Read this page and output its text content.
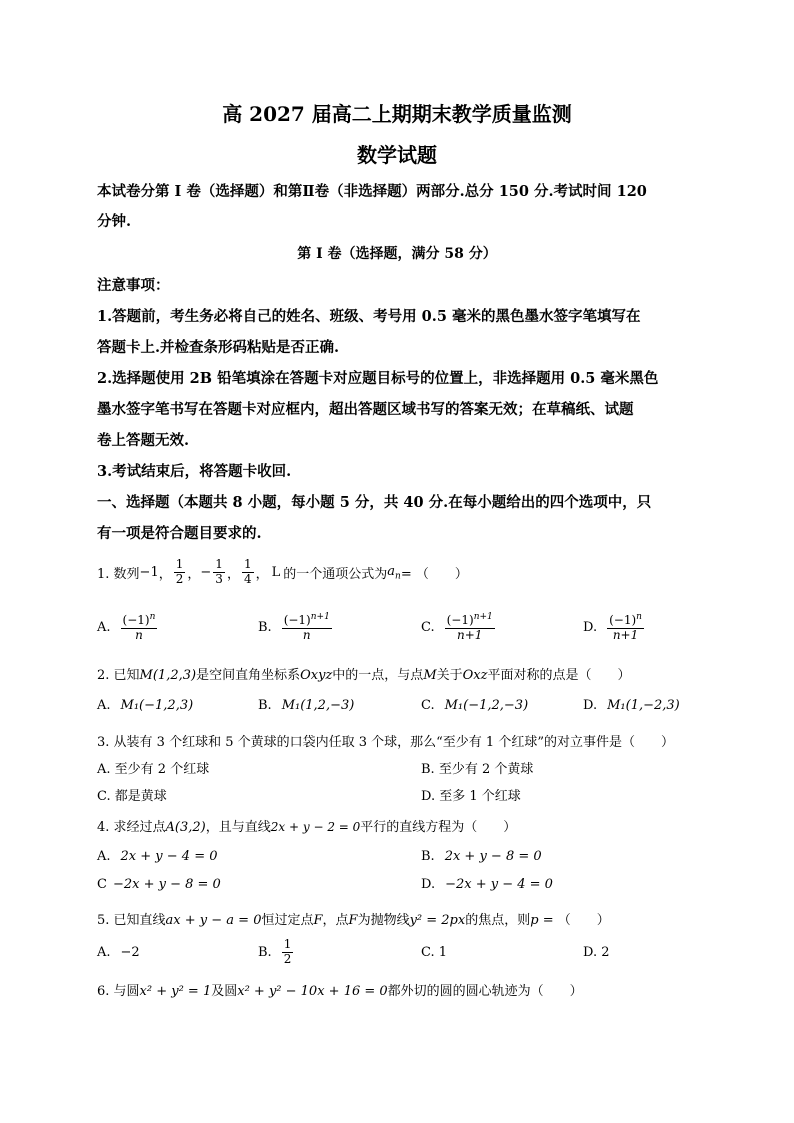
高 2027 届高二上期期末教学质量监测
数学试题
本试卷分第 I 卷（选择题）和第Ⅱ卷（非选择题）两部分.总分 150 分.考试时间 120
分钟.
第 I 卷（选择题，满分 58 分）
注意事项：
1.答题前，考生务必将自己的姓名、班级、考号用 0.5 毫米的黑色墨水签字笔填写在
答题卡上.并检查条形码粘贴是否正确.
2.选择题使用 2B 铅笔填涂在答题卡对应题目标号的位置上，非选择题用 0.5 毫米黑色
墨水签字笔书写在答题卡对应框内，超出答题区域书写的答案无效；在草稿纸、试题
卷上答题无效.
3.考试结束后，将答题卡收回.
一、选择题（本题共 8 小题，每小题 5 分，共 40 分.在每小题给出的四个选项中，只
有一项是符合题目要求的.
1. 数列 −1 ， $\frac{1}{2}$ ， − $\frac{1}{3}$ ， $\frac{1}{4}$ ， L 的一个通项公式为 $a_n$ = （　　）
A. $\frac{(-1)^n}{n}$	B. $\frac{(-1)^{n+1}}{n}$	C. $\frac{(-1)^{n+1}}{n+1}$	D. $\frac{(-1)^n}{n+1}$
2. 已知M(1,2,3)是空间直角坐标系Oxyz中的一点，与点M关于Oxz平面对称的点是（　　）
A. M₁(−1,2,3)	B. M₁(1,2,−3)	C. M₁(−1,2,−3)	D. M₁(1,−2,3)
3. 从装有 3 个红球和 5 个黄球的口袋内任取 3 个球，那么“至少有 1 个红球”的对立事件是（　　）
A. 至少有 2 个红球	B. 至少有 2 个黄球
C. 都是黄球	D. 至多 1 个红球
4. 求经过点A(3,2)，且与直线2x + y − 2 = 0平行的直线方程为（　　）
A. 2x + y − 4 = 0	B. 2x + y − 8 = 0
C −2x + y − 8 = 0	D. −2x + y − 4 = 0
5. 已知直线ax + y − a = 0恒过定点F，点F为抛物线y² = 2px的焦点，则p = （　　）
A. −2	B. $\frac{1}{2}$	C. 1	D. 2
6. 与圆x² + y² = 1及圆x² + y² − 10x + 16 = 0都外切的圆的圆心轨迹为（　　）
